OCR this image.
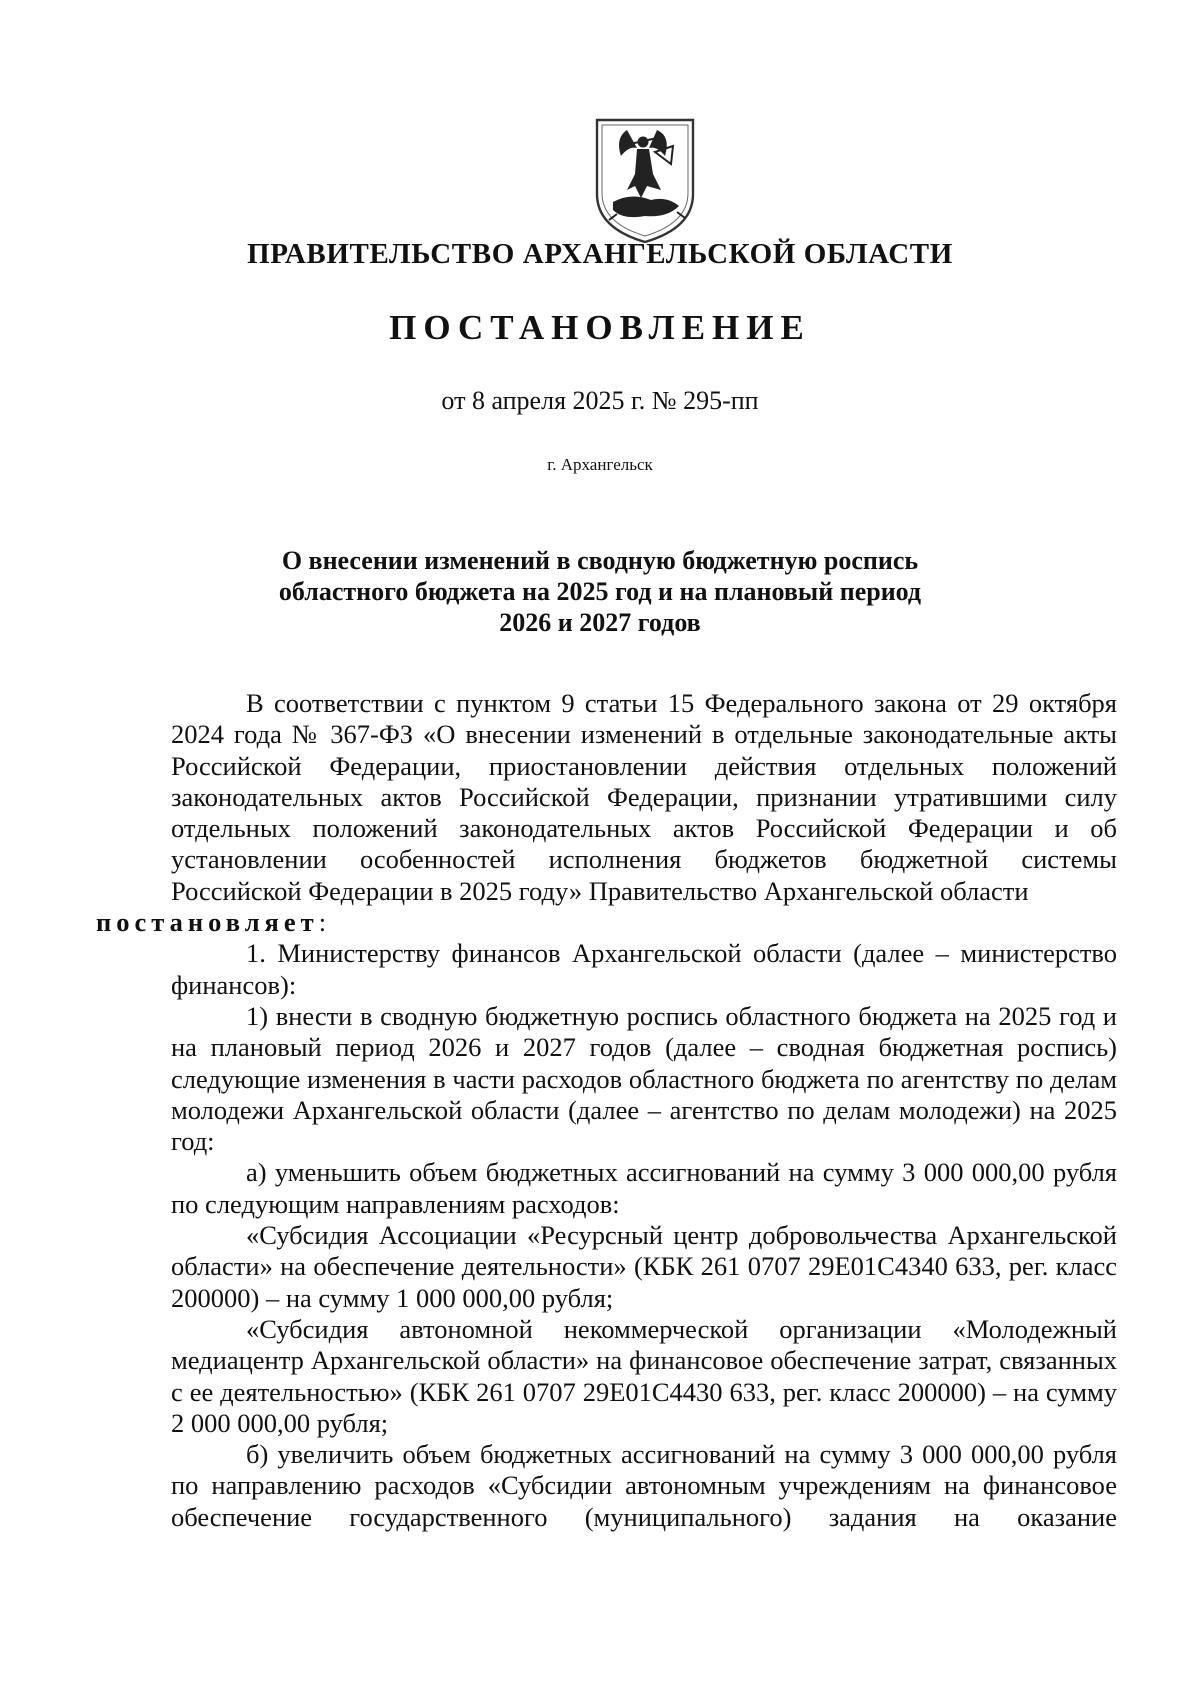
ПРАВИТЕЛЬСТВО АРХАНГЕЛЬСКОЙ ОБЛАСТИ
ПОСТАНОВЛЕНИЕ
от 8 апреля 2025 г. № 295-пп
г. Архангельск
О внесении изменений в сводную бюджетную роспись
областного бюджета на 2025 год и на плановый период
2026 и 2027 годов

В соответствии с пунктом 9 статьи 15 Федерального закона от 29 октября 2024 года № 367-ФЗ «О внесении изменений в отдельные законодательные акты Российской Федерации, приостановлении действия отдельных положений законодательных актов Российской Федерации, признании утратившими силу отдельных положений законодательных актов Российской Федерации и об установлении особенностей исполнения бюджетов бюджетной системы Российской Федерации в 2025 году» Правительство Архангельской области
постановляет:

1. Министерству финансов Архангельской области (далее – министерство финансов):

1) внести в сводную бюджетную роспись областного бюджета на 2025 год и на плановый период 2026 и 2027 годов (далее – сводная бюджетная роспись) следующие изменения в части расходов областного бюджета по агентству по делам молодежи Архангельской области (далее – агентство по делам молодежи) на 2025 год:

а) уменьшить объем бюджетных ассигнований на сумму 3 000 000,00 рубля по следующим направлениям расходов:

«Субсидия Ассоциации «Ресурсный центр добровольчества Архангельской области» на обеспечение деятельности» (КБК 261 0707 29Е01С4340 633, рег. класс 200000) – на сумму 1 000 000,00 рубля;

«Субсидия автономной некоммерческой организации «Молодежный медиацентр Архангельской области» на финансовое обеспечение затрат, связанных с ее деятельностью» (КБК 261 0707 29Е01С4430 633, рег. класс 200000) – на сумму 2 000 000,00 рубля;

б) увеличить объем бюджетных ассигнований на сумму 3 000 000,00 рубля по направлению расходов «Субсидии автономным учреждениям на финансовое обеспечение государственного (муниципального) задания на оказание
